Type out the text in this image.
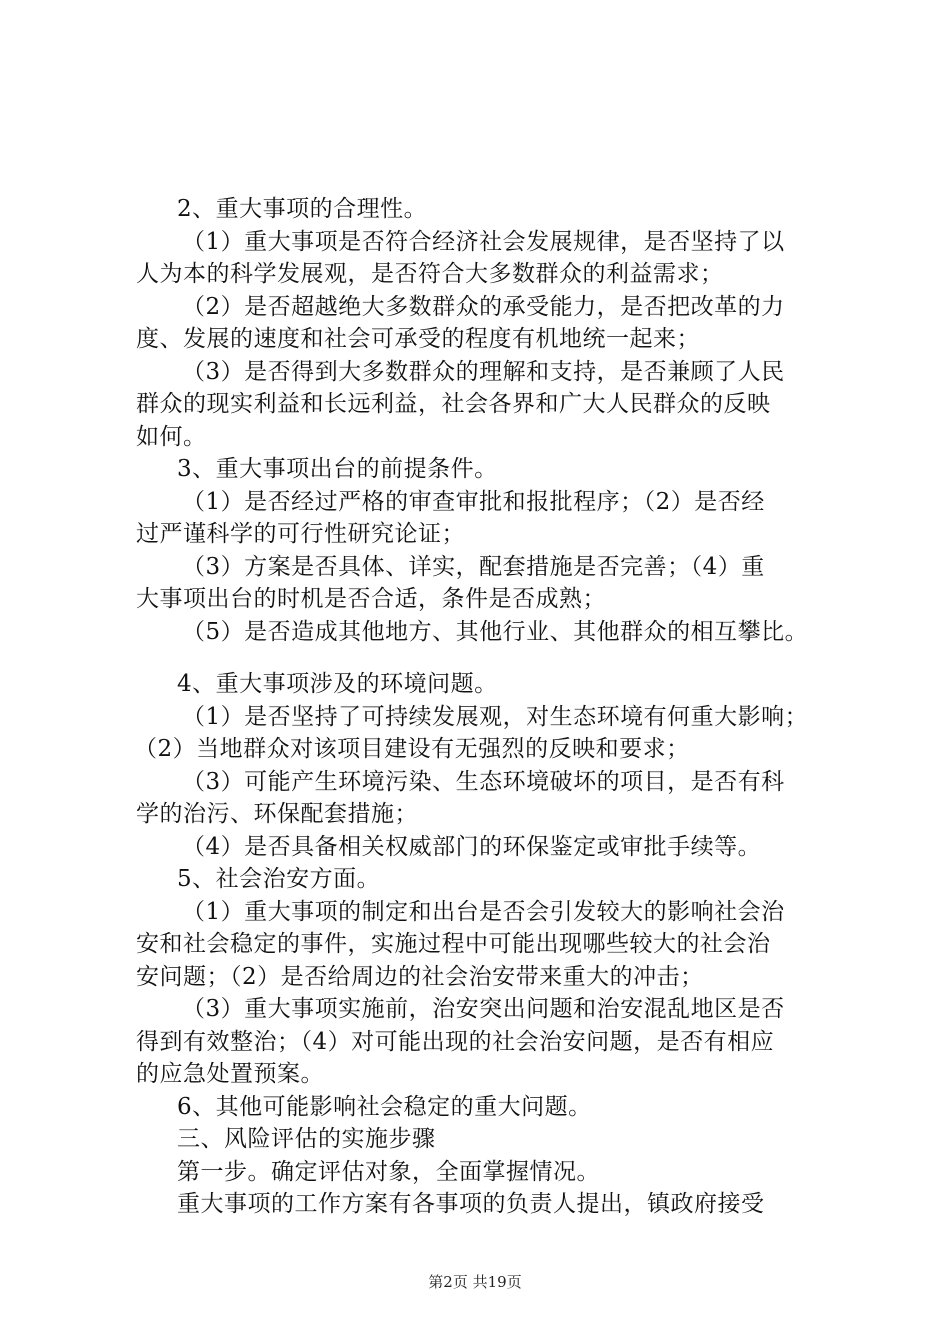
2、重大事项的合理性。
（1）重大事项是否符合经济社会发展规律，是否坚持了以
人为本的科学发展观，是否符合大多数群众的利益需求；
（2）是否超越绝大多数群众的承受能力，是否把改革的力
度、发展的速度和社会可承受的程度有机地统一起来；
（3）是否得到大多数群众的理解和支持，是否兼顾了人民
群众的现实利益和长远利益，社会各界和广大人民群众的反映
如何。
3、重大事项出台的前提条件。
（1）是否经过严格的审查审批和报批程序；（2）是否经
过严谨科学的可行性研究论证；
（3）方案是否具体、详实，配套措施是否完善；（4）重
大事项出台的时机是否合适，条件是否成熟；
（5）是否造成其他地方、其他行业、其他群众的相互攀比。
4、重大事项涉及的环境问题。
（1）是否坚持了可持续发展观，对生态环境有何重大影响；
（2）当地群众对该项目建设有无强烈的反映和要求；
（3）可能产生环境污染、生态环境破坏的项目，是否有科
学的治污、环保配套措施；
（4）是否具备相关权威部门的环保鉴定或审批手续等。
5、社会治安方面。
（1）重大事项的制定和出台是否会引发较大的影响社会治
安和社会稳定的事件，实施过程中可能出现哪些较大的社会治
安问题；（2）是否给周边的社会治安带来重大的冲击；
（3）重大事项实施前，治安突出问题和治安混乱地区是否
得到有效整治；（4）对可能出现的社会治安问题，是否有相应
的应急处置预案。
6、其他可能影响社会稳定的重大问题。
三、风险评估的实施步骤
第一步。确定评估对象，全面掌握情况。
重大事项的工作方案有各事项的负责人提出，镇政府接受
第2页 共19页
